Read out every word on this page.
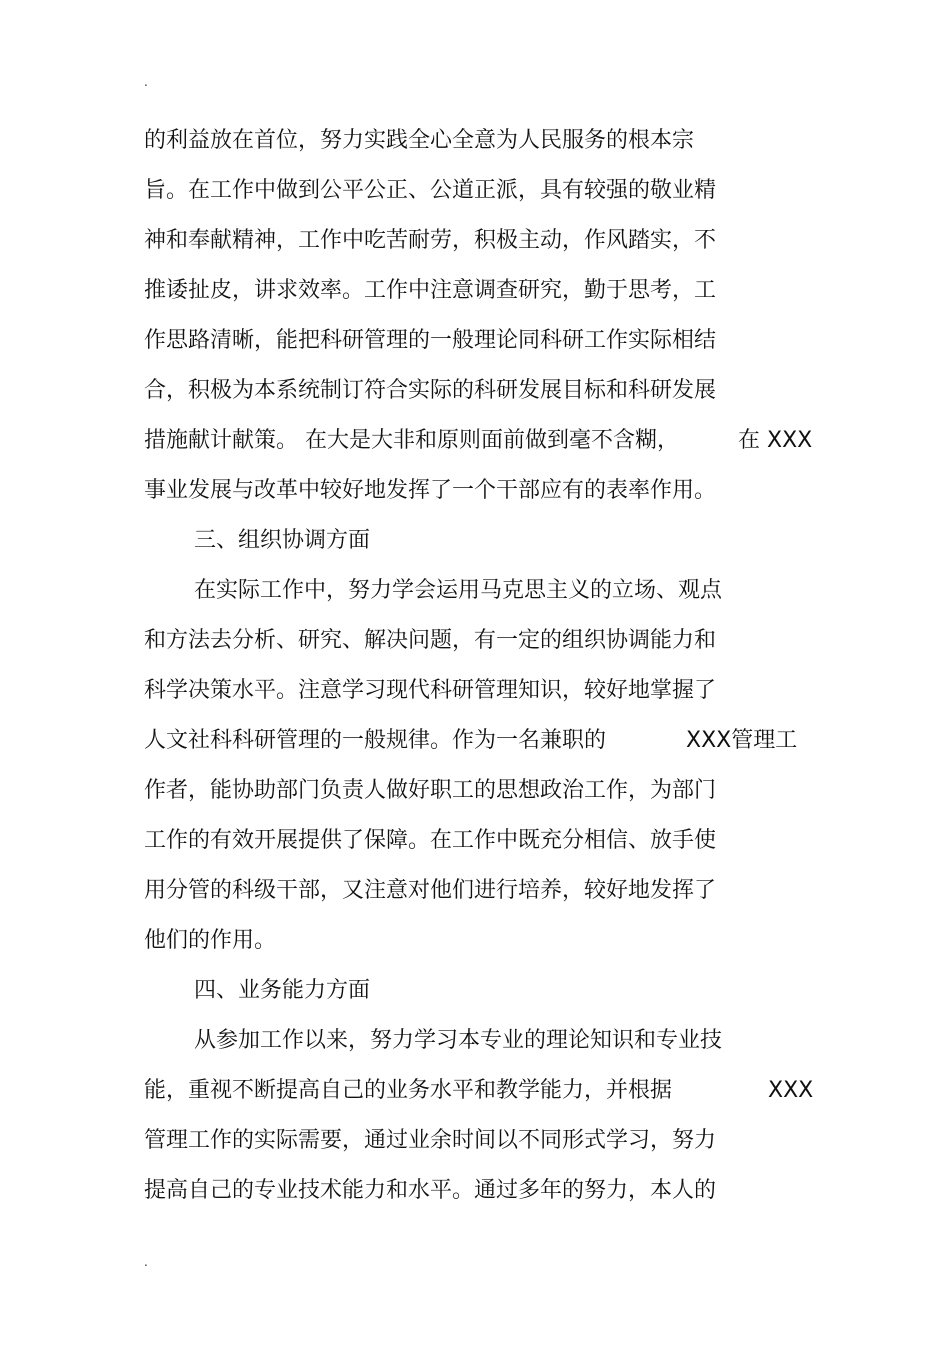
.
的利益放在首位，努力实践全心全意为人民服务的根本宗
旨。在工作中做到公平公正、公道正派，具有较强的敬业精
神和奉献精神，工作中吃苦耐劳，积极主动，作风踏实，不
推诿扯皮，讲求效率。工作中注意调查研究，勤于思考，工
作思路清晰，能把科研管理的一般理论同科研工作实际相结
合，积极为本系统制订符合实际的科研发展目标和科研发展
措施献计献策。 在大是大非和原则面前做到毫不含糊，	在 XXX
事业发展与改革中较好地发挥了一个干部应有的表率作用。
三、组织协调方面
在实际工作中，努力学会运用马克思主义的立场、观点
和方法去分析、研究、解决问题，有一定的组织协调能力和
科学决策水平。注意学习现代科研管理知识，较好地掌握了
人文社科科研管理的一般规律。作为一名兼职的	XXX管理工
作者，能协助部门负责人做好职工的思想政治工作，为部门
工作的有效开展提供了保障。在工作中既充分相信、放手使
用分管的科级干部，又注意对他们进行培养，较好地发挥了
他们的作用。
四、业务能力方面
从参加工作以来，努力学习本专业的理论知识和专业技
能，重视不断提高自己的业务水平和教学能力，并根据	XXX
管理工作的实际需要，通过业余时间以不同形式学习，努力
提高自己的专业技术能力和水平。通过多年的努力，本人的
.
